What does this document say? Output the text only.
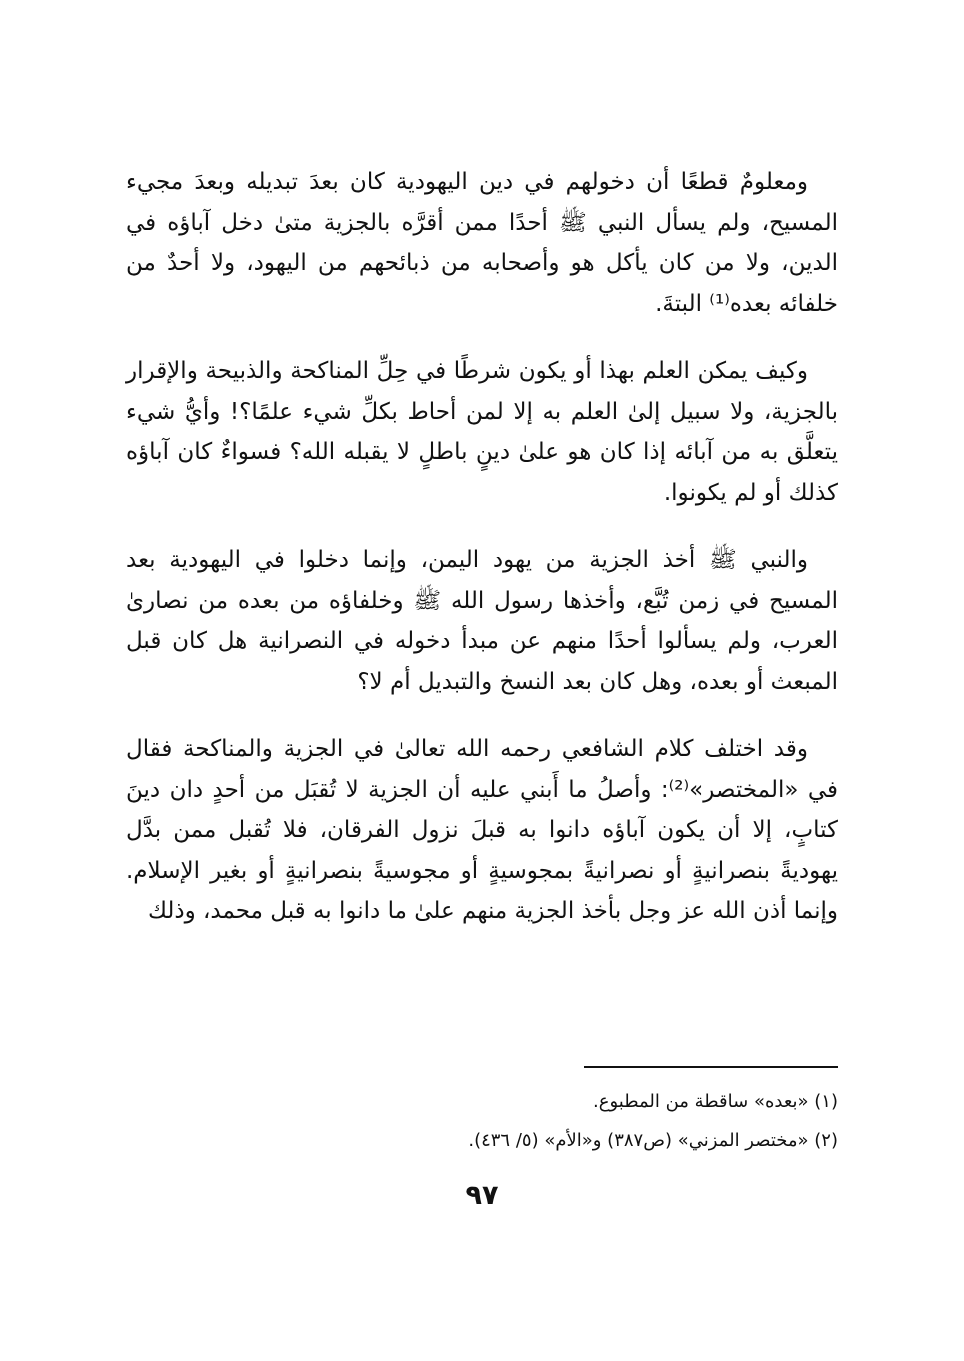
ومعلومٌ قطعًا أن دخولهم في دين اليهودية كان بعدَ تبديله وبعدَ مجيء المسيح، ولم يسأل النبي ﷺ أحدًا ممن أقرَّه بالجزية متىٰ دخل آباؤه في الدين، ولا من كان يأكل هو وأصحابه من ذبائحهم من اليهود، ولا أحدٌ من خلفائه بعده⁽¹⁾ البتةَ.

وكيف يمكن العلم بهذا أو يكون شرطًا في حِلِّ المناكحة والذبيحة والإقرار بالجزية، ولا سبيل إلىٰ العلم به إلا لمن أحاط بكلِّ شيء علمًا؟! وأيُّ شيء يتعلَّق به من آبائه إذا كان هو علىٰ دينٍ باطلٍ لا يقبله الله؟ فسواءٌ كان آباؤه كذلك أو لم يكونوا.

والنبي ﷺ أخذ الجزية من يهود اليمن، وإنما دخلوا في اليهودية بعد المسيح في زمن تُبَّع، وأخذها رسول الله ﷺ وخلفاؤه من بعده من نصارىٰ العرب، ولم يسألوا أحدًا منهم عن مبدأ دخوله في النصرانية هل كان قبل المبعث أو بعده، وهل كان بعد النسخ والتبديل أم لا؟

وقد اختلف كلام الشافعي رحمه الله تعالىٰ في الجزية والمناكحة فقال في «المختصر»⁽²⁾: وأصلُ ما أَبني عليه أن الجزية لا تُقبَل من أحدٍ دان دينَ كتابٍ، إلا أن يكون آباؤه دانوا به قبلَ نزول الفرقان، فلا تُقبل ممن بدَّل يهوديةً بنصرانيةٍ أو نصرانيةً بمجوسيةٍ أو مجوسيةً بنصرانيةٍ أو بغير الإسلام. وإنما أذن الله عز وجل بأخذ الجزية منهم علىٰ ما دانوا به قبل محمد، وذلك

(١) «بعده» ساقطة من المطبوع.

(٢) «مختصر المزني» (ص٣٨٧) و«الأم» (٥/ ٤٣٦).

٩٧
